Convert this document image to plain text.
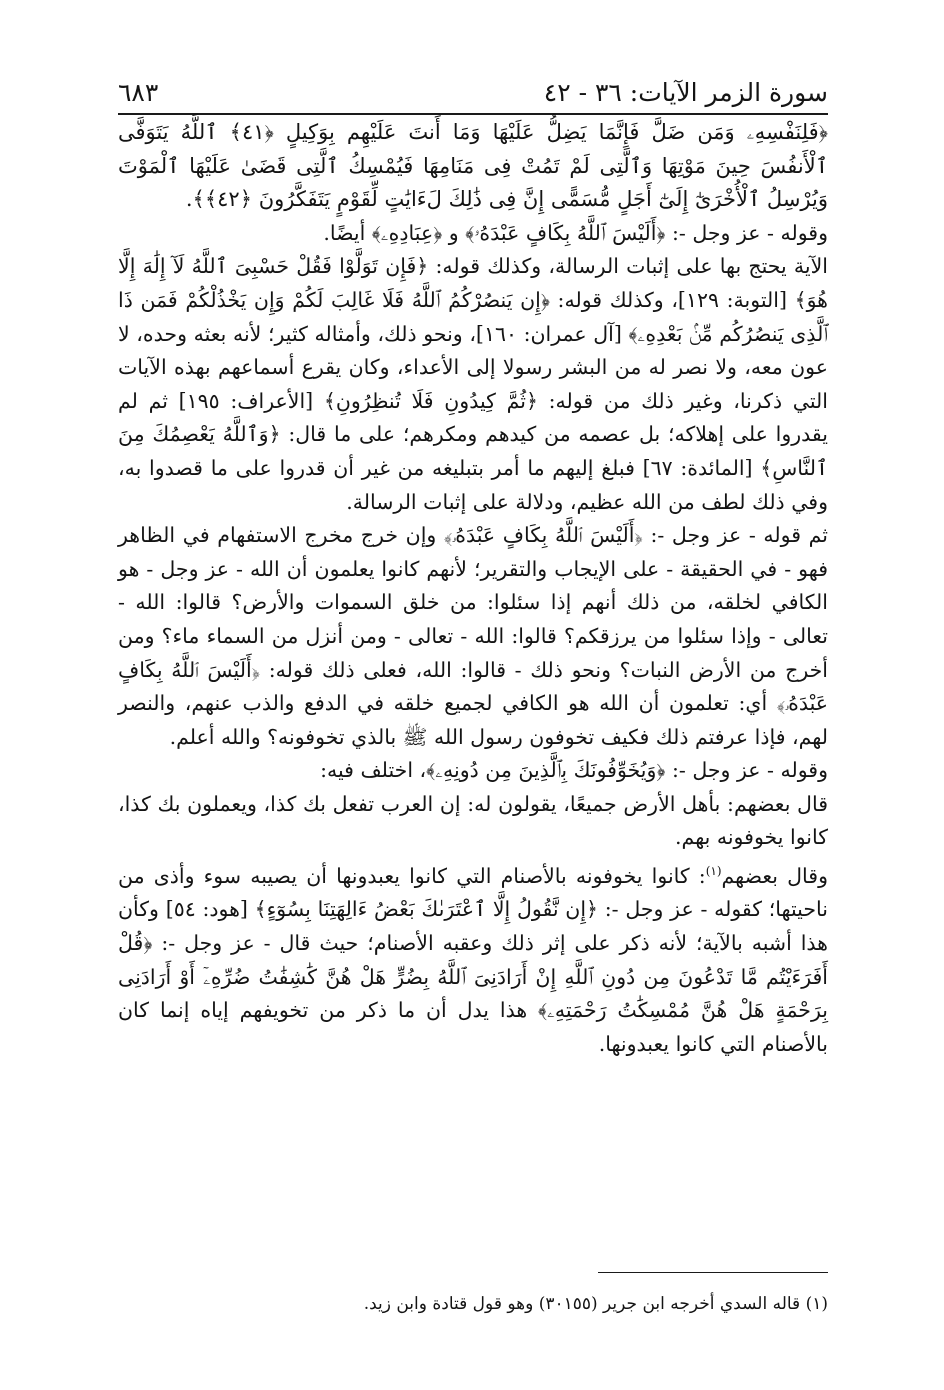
سورة الزمر الآيات: ٣٦ - ٤٢
٦٨٣

﴿فَلِنَفْسِهِۦ وَمَن ضَلَّ فَإِنَّمَا يَضِلُّ عَلَيْهَا وَمَا أَنتَ عَلَيْهِم بِوَكِيلٍ ﴿٤١﴾ ٱللَّهُ يَتَوَفَّى ٱلْأَنفُسَ حِينَ مَوْتِهَا وَٱلَّتِى لَمْ تَمُتْ فِى مَنَامِهَا فَيُمْسِكُ ٱلَّتِى قَضَىٰ عَلَيْهَا ٱلْمَوْتَ وَيُرْسِلُ ٱلْأُخْرَىٰٓ إِلَىٰٓ أَجَلٍ مُّسَمًّى إِنَّ فِى ذَٰلِكَ لَءَايَٰتٍ لِّقَوْمٍ يَتَفَكَّرُونَ ﴿٤٢﴾﴾.

وقوله - عز وجل -: ﴿أَلَيْسَ ٱللَّهُ بِكَافٍ عَبْدَهُۥ﴾ و ﴿عِبَادِهِۦ﴾ أيضًا.

الآية يحتج بها على إثبات الرسالة، وكذلك قوله: ﴿فَإِن تَوَلَّوْا فَقُلْ حَسْبِىَ ٱللَّهُ لَآ إِلَٰهَ إِلَّا هُوَ﴾ [التوبة: ١٢٩]، وكذلك قوله: ﴿إِن يَنصُرْكُمُ ٱللَّهُ فَلَا غَالِبَ لَكُمْ وَإِن يَخْذُلْكُمْ فَمَن ذَا ٱلَّذِى يَنصُرُكُم مِّنۢ بَعْدِهِۦ﴾ [آل عمران: ١٦٠]، ونحو ذلك، وأمثاله كثير؛ لأنه بعثه وحده، لا عون معه، ولا نصر له من البشر رسولا إلى الأعداء، وكان يقرع أسماعهم بهذه الآيات التي ذكرنا، وغير ذلك من قوله: ﴿ثُمَّ كِيدُونِ فَلَا تُنظِرُونِ﴾ [الأعراف: ١٩٥] ثم لم يقدروا على إهلاكه؛ بل عصمه من كيدهم ومكرهم؛ على ما قال: ﴿وَٱللَّهُ يَعْصِمُكَ مِنَ ٱلنَّاسِ﴾ [المائدة: ٦٧] فبلغ إليهم ما أمر بتبليغه من غير أن قدروا على ما قصدوا به، وفي ذلك لطف من الله عظيم، ودلالة على إثبات الرسالة.

ثم قوله - عز وجل -: ﴿أَلَيْسَ ٱللَّهُ بِكَافٍ عَبْدَهُۥ﴾ وإن خرج مخرج الاستفهام في الظاهر فهو - في الحقيقة - على الإيجاب والتقرير؛ لأنهم كانوا يعلمون أن الله - عز وجل - هو الكافي لخلقه، من ذلك أنهم إذا سئلوا: من خلق السموات والأرض؟ قالوا: الله - تعالى - وإذا سئلوا من يرزقكم؟ قالوا: الله - تعالى - ومن أنزل من السماء ماء؟ ومن أخرج من الأرض النبات؟ ونحو ذلك - قالوا: الله، فعلى ذلك قوله: ﴿أَلَيْسَ ٱللَّهُ بِكَافٍ عَبْدَهُۥ﴾ أي: تعلمون أن الله هو الكافي لجميع خلقه في الدفع والذب عنهم، والنصر لهم، فإذا عرفتم ذلك فكيف تخوفون رسول الله ﷺ بالذي تخوفونه؟ والله أعلم.

وقوله - عز وجل -: ﴿وَيُخَوِّفُونَكَ بِٱلَّذِينَ مِن دُونِهِۦ﴾، اختلف فيه:

قال بعضهم: بأهل الأرض جميعًا، يقولون له: إن العرب تفعل بك كذا، ويعملون بك كذا، كانوا يخوفونه بهم.

وقال بعضهم$^{(١)}$: كانوا يخوفونه بالأصنام التي كانوا يعبدونها أن يصيبه سوء وأذى من ناحيتها؛ كقوله - عز وجل -: ﴿إِن نَّقُولُ إِلَّا ٱعْتَرَىٰكَ بَعْضُ ءَالِهَتِنَا بِسُوٓءٍ﴾ [هود: ٥٤] وكأن هذا أشبه بالآية؛ لأنه ذكر على إثر ذلك وعقبه الأصنام؛ حيث قال - عز وجل -: ﴿قُلْ أَفَرَءَيْتُم مَّا تَدْعُونَ مِن دُونِ ٱللَّهِ إِنْ أَرَادَنِىَ ٱللَّهُ بِضُرٍّ هَلْ هُنَّ كَٰشِفَٰتُ ضُرِّهِۦٓ أَوْ أَرَادَنِى بِرَحْمَةٍ هَلْ هُنَّ مُمْسِكَٰتُ رَحْمَتِهِۦ﴾ هذا يدل أن ما ذكر من تخويفهم إياه إنما كان بالأصنام التي كانوا يعبدونها.

(١) قاله السدي أخرجه ابن جرير (٣٠١٥٥) وهو قول قتادة وابن زيد.
